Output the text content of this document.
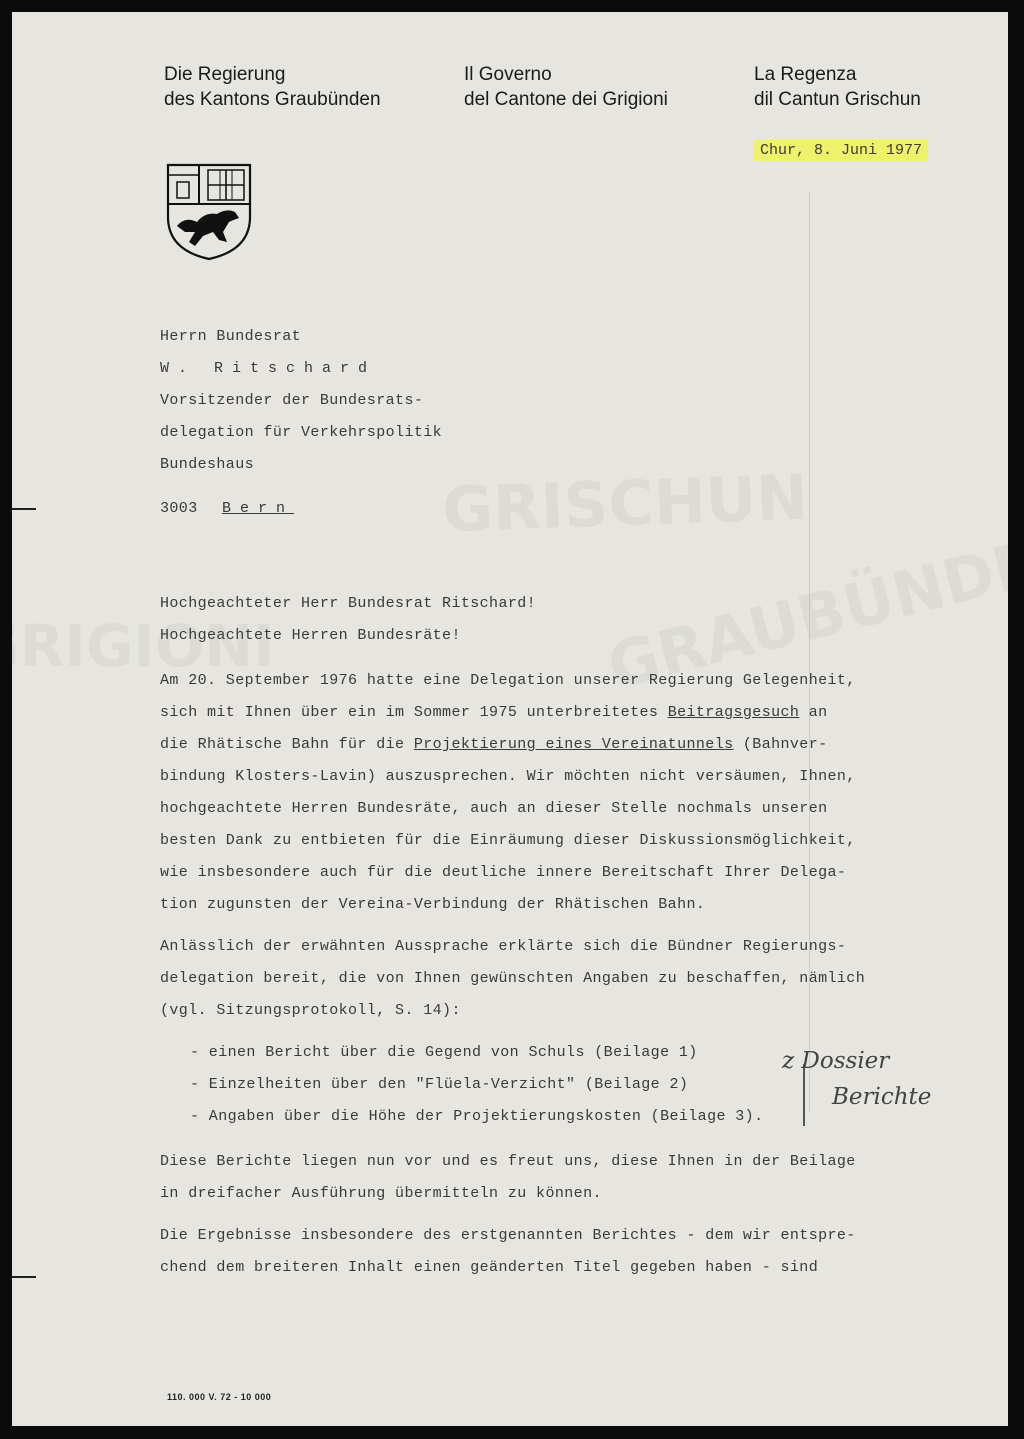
Die Regierung
des Kantons Graubünden
Il Governo
del Cantone dei Grigioni
La Regenza
dil Cantun Grischun
Chur, 8. Juni 1977
Herrn Bundesrat
W. Ritschard
Vorsitzender der Bundesrats-
delegation für Verkehrspolitik
Bundeshaus
3003 Bern
Hochgeachteter Herr Bundesrat Ritschard!
Hochgeachtete Herren Bundesräte!
Am 20. September 1976 hatte eine Delegation unserer Regierung Gelegenheit,
sich mit Ihnen über ein im Sommer 1975 unterbreitetes Beitragsgesuch an
die Rhätische Bahn für die Projektierung eines Vereinatunnels (Bahnver-
bindung Klosters-Lavin) auszusprechen. Wir möchten nicht versäumen, Ihnen,
hochgeachtete Herren Bundesräte, auch an dieser Stelle nochmals unseren
besten Dank zu entbieten für die Einräumung dieser Diskussionsmöglichkeit,
wie insbesondere auch für die deutliche innere Bereitschaft Ihrer Delega-
tion zugunsten der Vereina-Verbindung der Rhätischen Bahn.
Anlässlich der erwähnten Aussprache erklärte sich die Bündner Regierungs-
delegation bereit, die von Ihnen gewünschten Angaben zu beschaffen, nämlich
(vgl. Sitzungsprotokoll, S. 14):
- einen Bericht über die Gegend von Schuls (Beilage 1)
- Einzelheiten über den "Flüela-Verzicht" (Beilage 2)
- Angaben über die Höhe der Projektierungskosten (Beilage 3).
z Dossier
Berichte
Diese Berichte liegen nun vor und es freut uns, diese Ihnen in der Beilage
in dreifacher Ausführung übermitteln zu können.
Die Ergebnisse insbesondere des erstgenannten Berichtes - dem wir entspre-
chend dem breiteren Inhalt einen geänderten Titel gegeben haben - sind
110. 000 V. 72 - 10 000
